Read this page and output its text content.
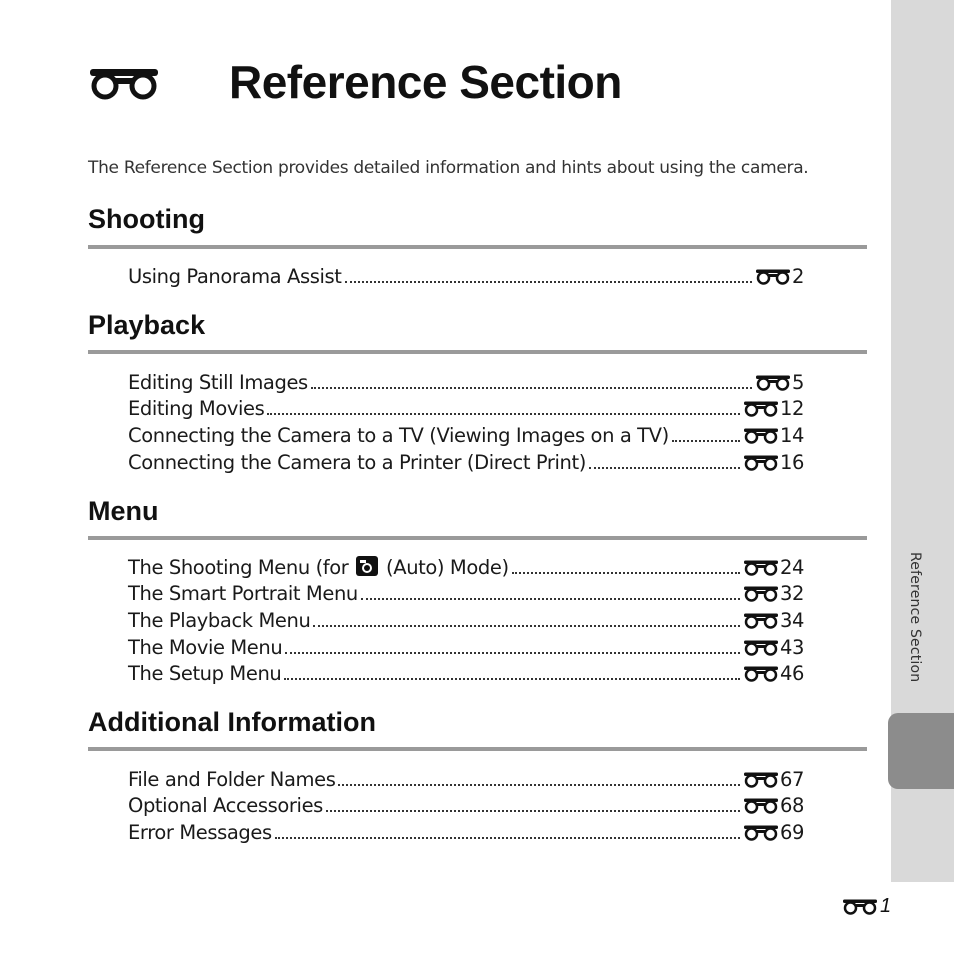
Reference Section
Reference Section

The Reference Section provides detailed information and hints about using the camera.

Shooting
Using Panorama Assist	2
Playback
Editing Still Images	5
Editing Movies	12
Connecting the Camera to a TV (Viewing Images on a TV)	14
Connecting the Camera to a Printer (Direct Print)	16
Menu
The Shooting Menu (for (Auto) Mode)	24
The Smart Portrait Menu	32
The Playback Menu	34
The Movie Menu	43
The Setup Menu	46
Additional Information
File and Folder Names	67
Optional Accessories	68
Error Messages	69
1
